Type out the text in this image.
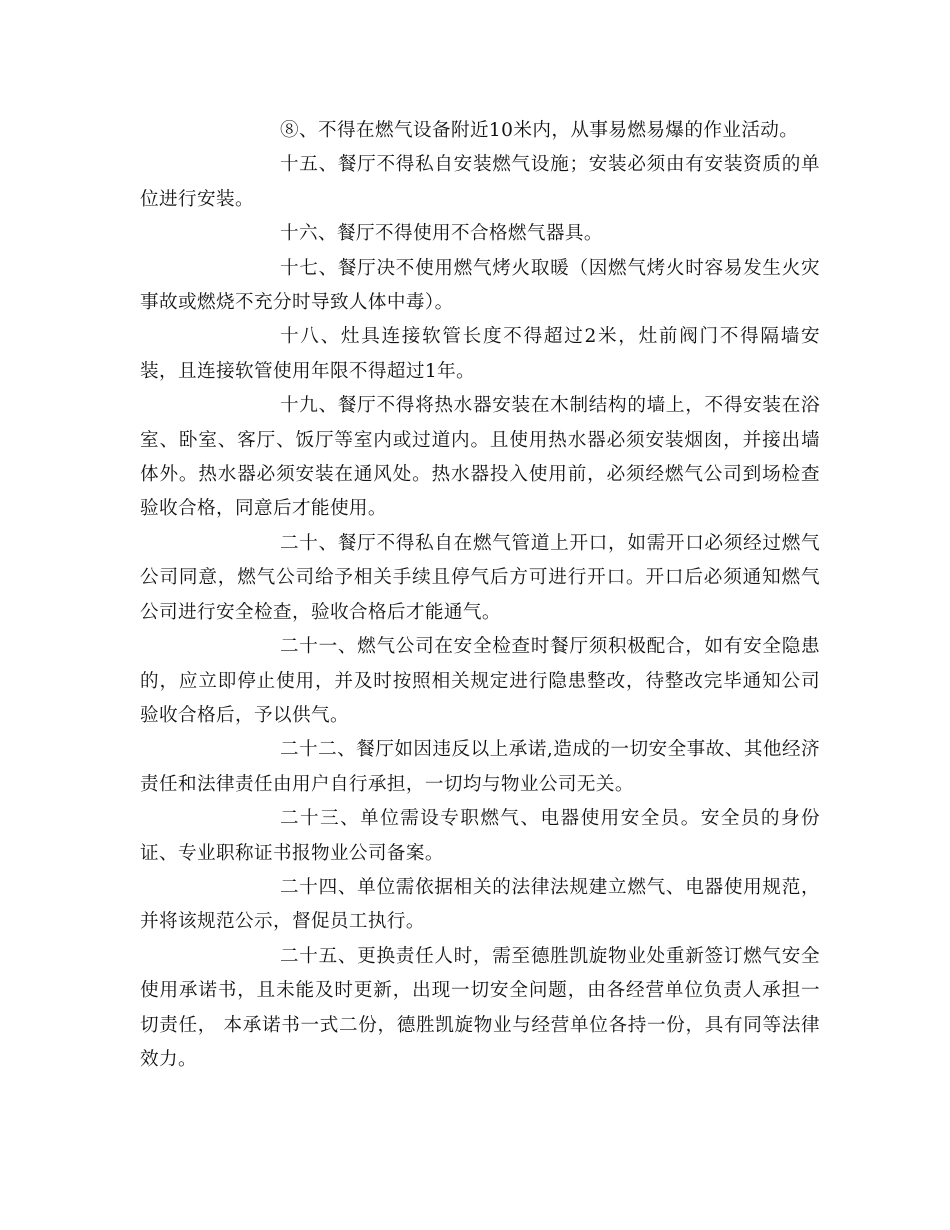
⑧、不得在燃气设备附近10米内，从事易燃易爆的作业活动。

十五、餐厅不得私自安装燃气设施；安装必须由有安装资质的单位进行安装。

十六、餐厅不得使用不合格燃气器具。

十七、餐厅决不使用燃气烤火取暖（因燃气烤火时容易发生火灾事故或燃烧不充分时导致人体中毒）。

十八、灶具连接软管长度不得超过2米，灶前阀门不得隔墙安装，且连接软管使用年限不得超过1年。

十九、餐厅不得将热水器安装在木制结构的墙上，不得安装在浴室、卧室、客厅、饭厅等室内或过道内。且使用热水器必须安装烟囱，并接出墙体外。热水器必须安装在通风处。热水器投入使用前，必须经燃气公司到场检查验收合格，同意后才能使用。

二十、餐厅不得私自在燃气管道上开口，如需开口必须经过燃气公司同意，燃气公司给予相关手续且停气后方可进行开口。开口后必须通知燃气公司进行安全检查，验收合格后才能通气。

二十一、燃气公司在安全检查时餐厅须积极配合，如有安全隐患的，应立即停止使用，并及时按照相关规定进行隐患整改，待整改完毕通知公司验收合格后，予以供气。

二十二、餐厅如因违反以上承诺,造成的一切安全事故、其他经济责任和法律责任由用户自行承担，一切均与物业公司无关。

二十三、单位需设专职燃气、电器使用安全员。安全员的身份证、专业职称证书报物业公司备案。

二十四、单位需依据相关的法律法规建立燃气、电器使用规范，并将该规范公示，督促员工执行。

二十五、更换责任人时，需至德胜凯旋物业处重新签订燃气安全使用承诺书，且未能及时更新，出现一切安全问题，由各经营单位负责人承担一切责任， 本承诺书一式二份，德胜凯旋物业与经营单位各持一份，具有同等法律效力。
